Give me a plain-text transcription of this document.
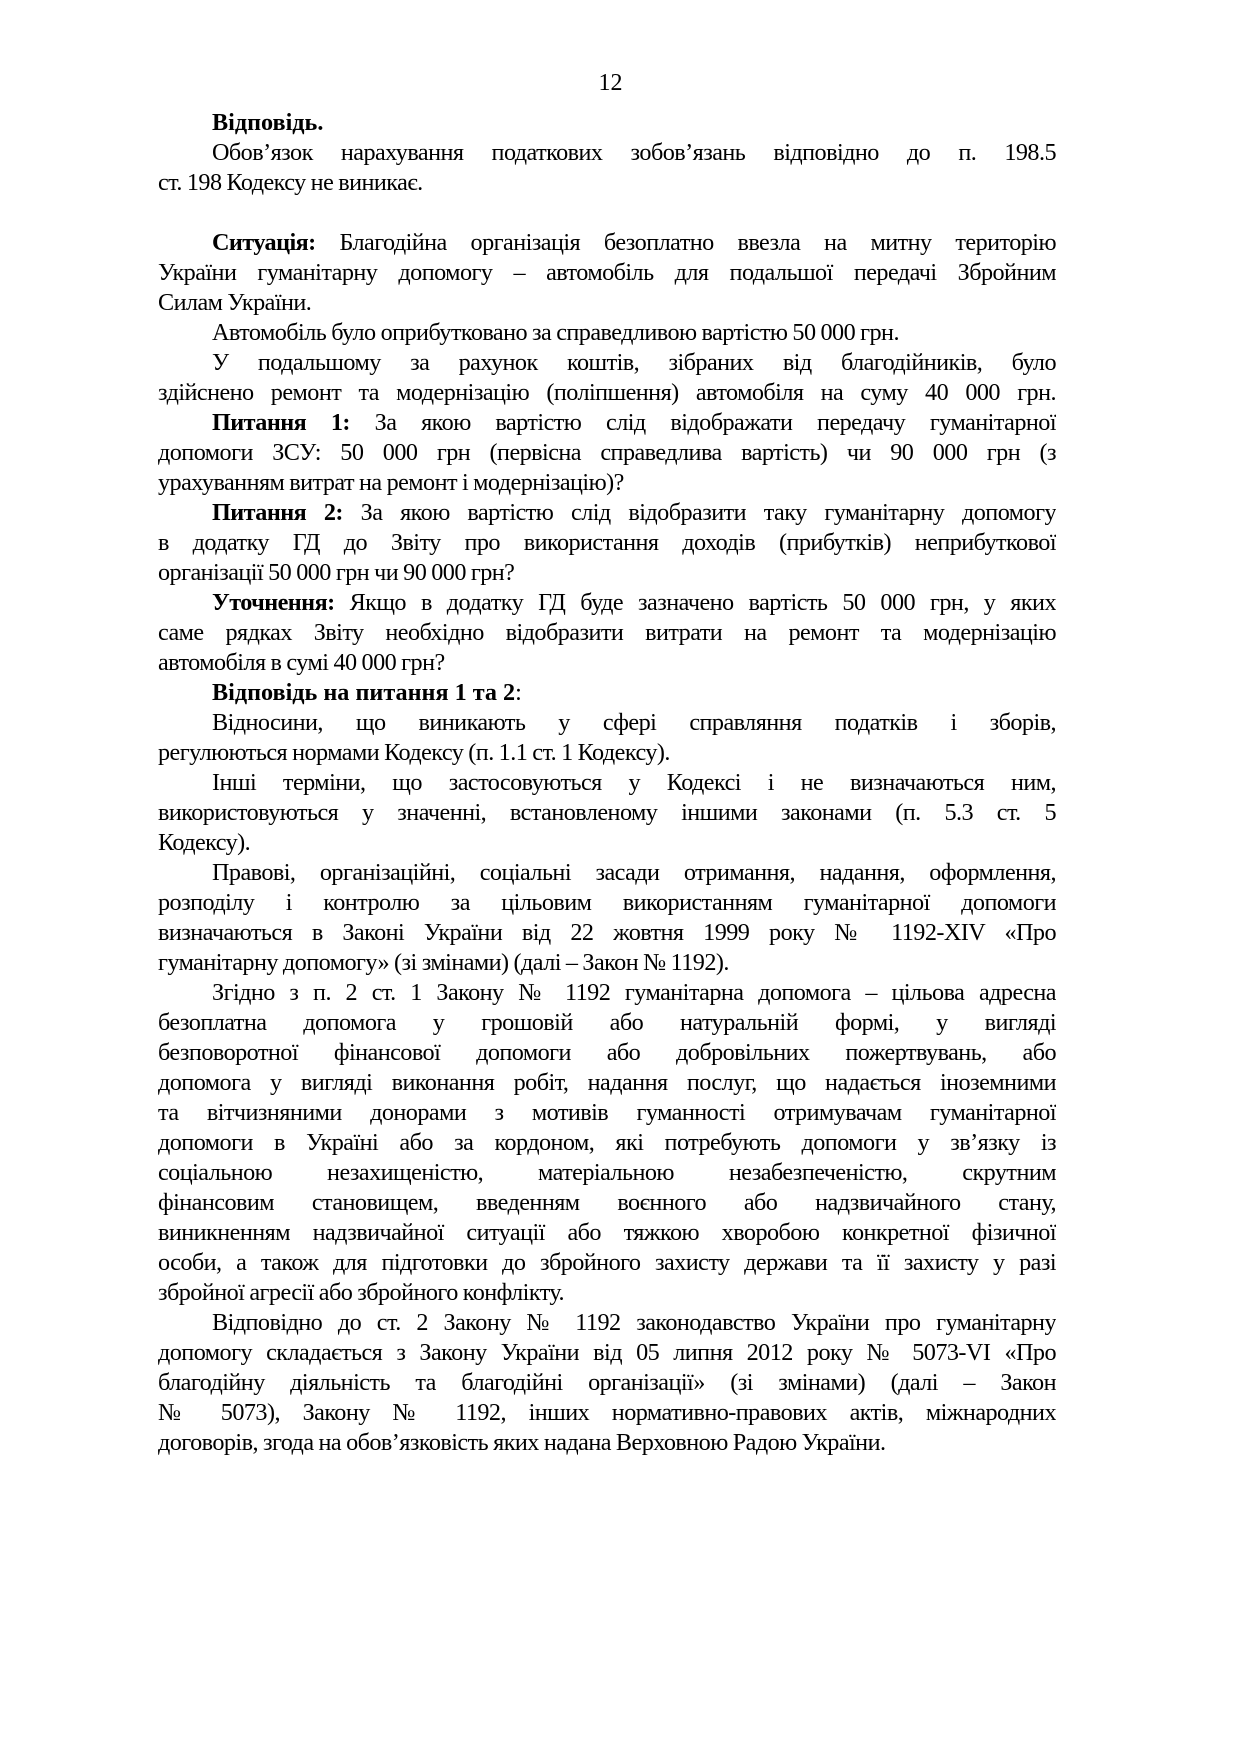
12
Відповідь.
Обов’язок нарахування податкових зобов’язань відповідно до п. 198.5
ст. 198 Кодексу не виникає.
Ситуація: Благодійна організація безоплатно ввезла на митну територію
України гуманітарну допомогу – автомобіль для подальшої передачі Збройним
Силам України.
Автомобіль було оприбутковано за справедливою вартістю 50 000 грн.
У подальшому за рахунок коштів, зібраних від благодійників, було
здійснено ремонт та модернізацію (поліпшення) автомобіля на суму 40 000 грн.
Питання 1: За якою вартістю слід відображати передачу гуманітарної
допомоги ЗСУ: 50 000 грн (первісна справедлива вартість) чи 90 000 грн (з
урахуванням витрат на ремонт і модернізацію)?
Питання 2: За якою вартістю слід відобразити таку гуманітарну допомогу
в додатку ГД до Звіту про використання доходів (прибутків) неприбуткової
організації 50 000 грн чи 90 000 грн?
Уточнення: Якщо в додатку ГД буде зазначено вартість 50 000 грн, у яких
саме рядках Звіту необхідно відобразити витрати на ремонт та модернізацію
автомобіля в сумі 40 000 грн?
Відповідь на питання 1 та 2:
Відносини, що виникають у сфері справляння податків і зборів,
регулюються нормами Кодексу (п. 1.1 ст. 1 Кодексу).
Інші терміни, що застосовуються у Кодексі і не визначаються ним,
використовуються у значенні, встановленому іншими законами (п. 5.3 ст. 5
Кодексу).
Правові, організаційні, соціальні засади отримання, надання, оформлення,
розподілу і контролю за цільовим використанням гуманітарної допомоги
визначаються в Законі України від 22 жовтня 1999 року № 1192-XIV «Про
гуманітарну допомогу» (зі змінами) (далі – Закон № 1192).
Згідно з п. 2 ст. 1 Закону № 1192 гуманітарна допомога – цільова адресна
безоплатна допомога у грошовій або натуральній формі, у вигляді
безповоротної фінансової допомоги або добровільних пожертвувань, або
допомога у вигляді виконання робіт, надання послуг, що надається іноземними
та вітчизняними донорами з мотивів гуманності отримувачам гуманітарної
допомоги в Україні або за кордоном, які потребують допомоги у зв’язку із
соціальною незахищеністю, матеріальною незабезпеченістю, скрутним
фінансовим становищем, введенням воєнного або надзвичайного стану,
виникненням надзвичайної ситуації або тяжкою хворобою конкретної фізичної
особи, а також для підготовки до збройного захисту держави та її захисту у разі
збройної агресії або збройного конфлікту.
Відповідно до ст. 2 Закону № 1192 законодавство України про гуманітарну
допомогу складається з Закону України від 05 липня 2012 року № 5073-VI «Про
благодійну діяльність та благодійні організації» (зі змінами) (далі – Закон
№ 5073), Закону № 1192, інших нормативно-правових актів, міжнародних
договорів, згода на обов’язковість яких надана Верховною Радою України.
